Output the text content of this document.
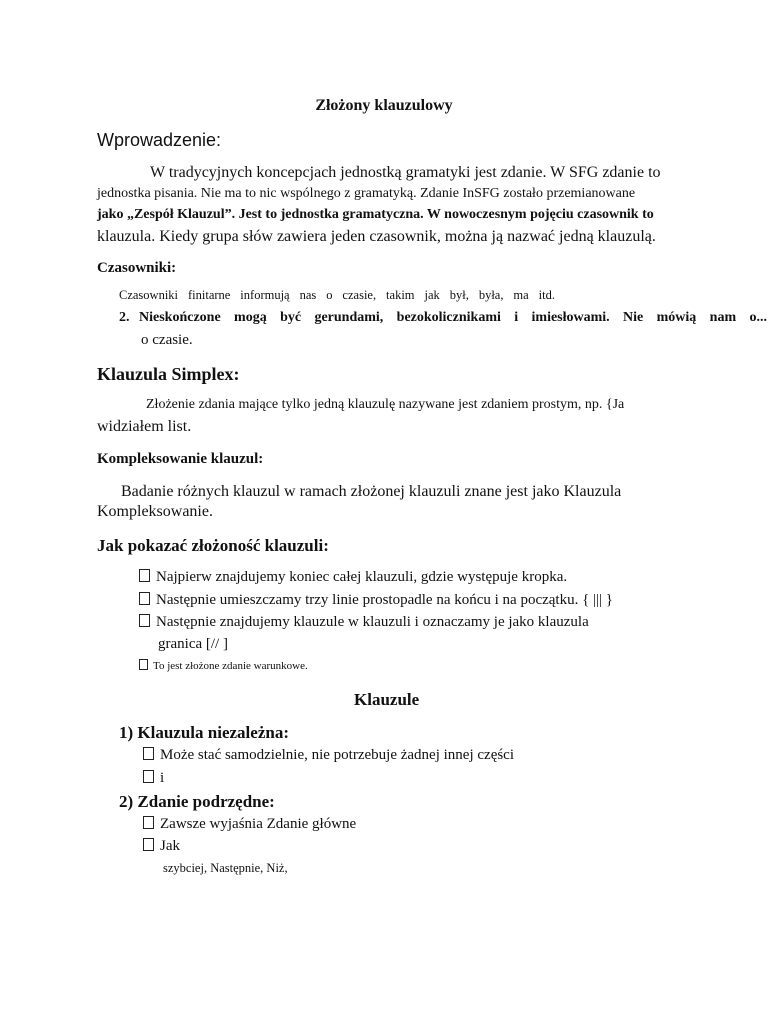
Złożony klauzulowy
Wprowadzenie:
W tradycyjnych koncepcjach jednostką gramatyki jest zdanie. W SFG zdanie to
jednostka pisania. Nie ma to nic wspólnego z gramatyką. Zdanie InSFG zostało przemianowane
jako „Zespół Klauzul”. Jest to jednostka gramatyczna. W nowoczesnym pojęciu czasownik to
klauzula. Kiedy grupa słów zawiera jeden czasownik, można ją nazwać jedną klauzulą.
Czasowniki:
Czasowniki finitarne informują nas o czasie, takim jak był, była, ma itd.
2. Nieskończone mogą być gerundami, bezokolicznikami i imiesłowami. Nie mówią nam o...
o czasie.
Klauzula Simplex:
Złożenie zdania mające tylko jedną klauzulę nazywane jest zdaniem prostym, np. {Ja
widziałem list.
Kompleksowanie klauzul:
Badanie różnych klauzul w ramach złożonej klauzuli znane jest jako Klauzula
Kompleksowanie.
Jak pokazać złożoność klauzuli:
Najpierw znajdujemy koniec całej klauzuli, gdzie występuje kropka.
Następnie umieszczamy trzy linie prostopadle na końcu i na początku. { ||| }
Następnie znajdujemy klauzule w klauzuli i oznaczamy je jako klauzula
granica [// ]
To jest złożone zdanie warunkowe.
Klauzule
1) Klauzula niezależna:
Może stać samodzielnie, nie potrzebuje żadnej innej części
i
2) Zdanie podrzędne:
Zawsze wyjaśnia Zdanie główne
Jak
szybciej, Następnie, Niż,
